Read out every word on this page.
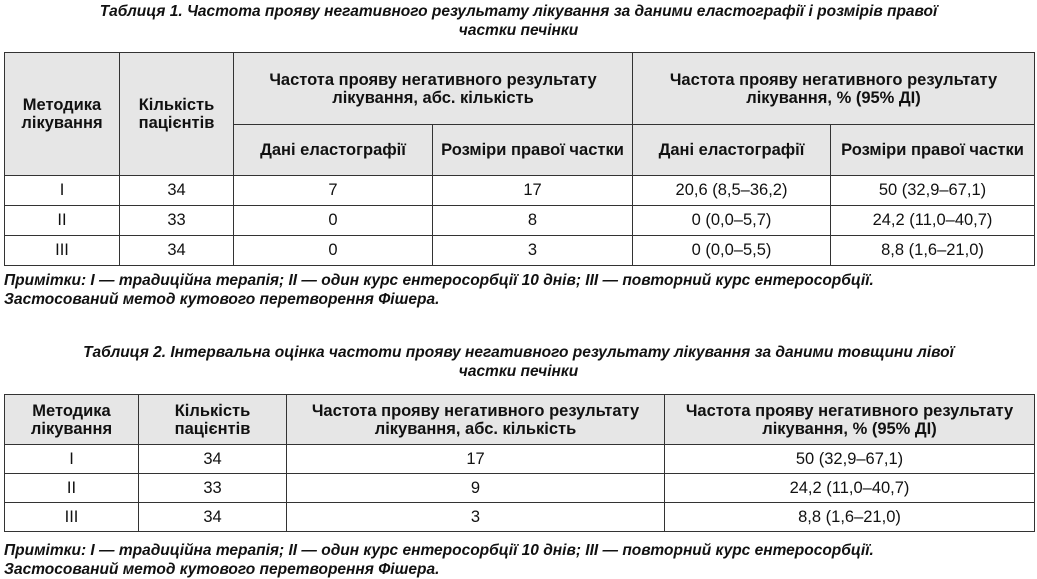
Таблиця 1. Частота прояву негативного результату лікування за даними еластографії і розмірів правої
частки печінки
Методика лікування	Кількість пацієнтів	Частота прояву негативного результату лікування, абс. кількість		Частота прояву негативного результату лікування, % (95% ДІ)	
		Дані еластографії	Розміри правої частки	Дані еластографії	Розміри правої частки
I	34	7	17	20,6 (8,5–36,2)	50 (32,9–67,1)
II	33	0	8	0 (0,0–5,7)	24,2 (11,0–40,7)
III	34	0	3	0 (0,0–5,5)	8,8 (1,6–21,0)
Примітки: I — традиційна терапія; II — один курс ентеросорбції 10 днів; III — повторний курс ентеросорбції.
Застосований метод кутового перетворення Фішера.
Таблиця 2. Інтервальна оцінка частоти прояву негативного результату лікування за даними товщини лівої
частки печінки
Методика лікування	Кількість пацієнтів	Частота прояву негативного результату лікування, абс. кількість	Частота прояву негативного результату лікування, % (95% ДІ)
I	34	17	50 (32,9–67,1)
II	33	9	24,2 (11,0–40,7)
III	34	3	8,8 (1,6–21,0)
Примітки: I — традиційна терапія; II — один курс ентеросорбції 10 днів; III — повторний курс ентеросорбції.
Застосований метод кутового перетворення Фішера.
